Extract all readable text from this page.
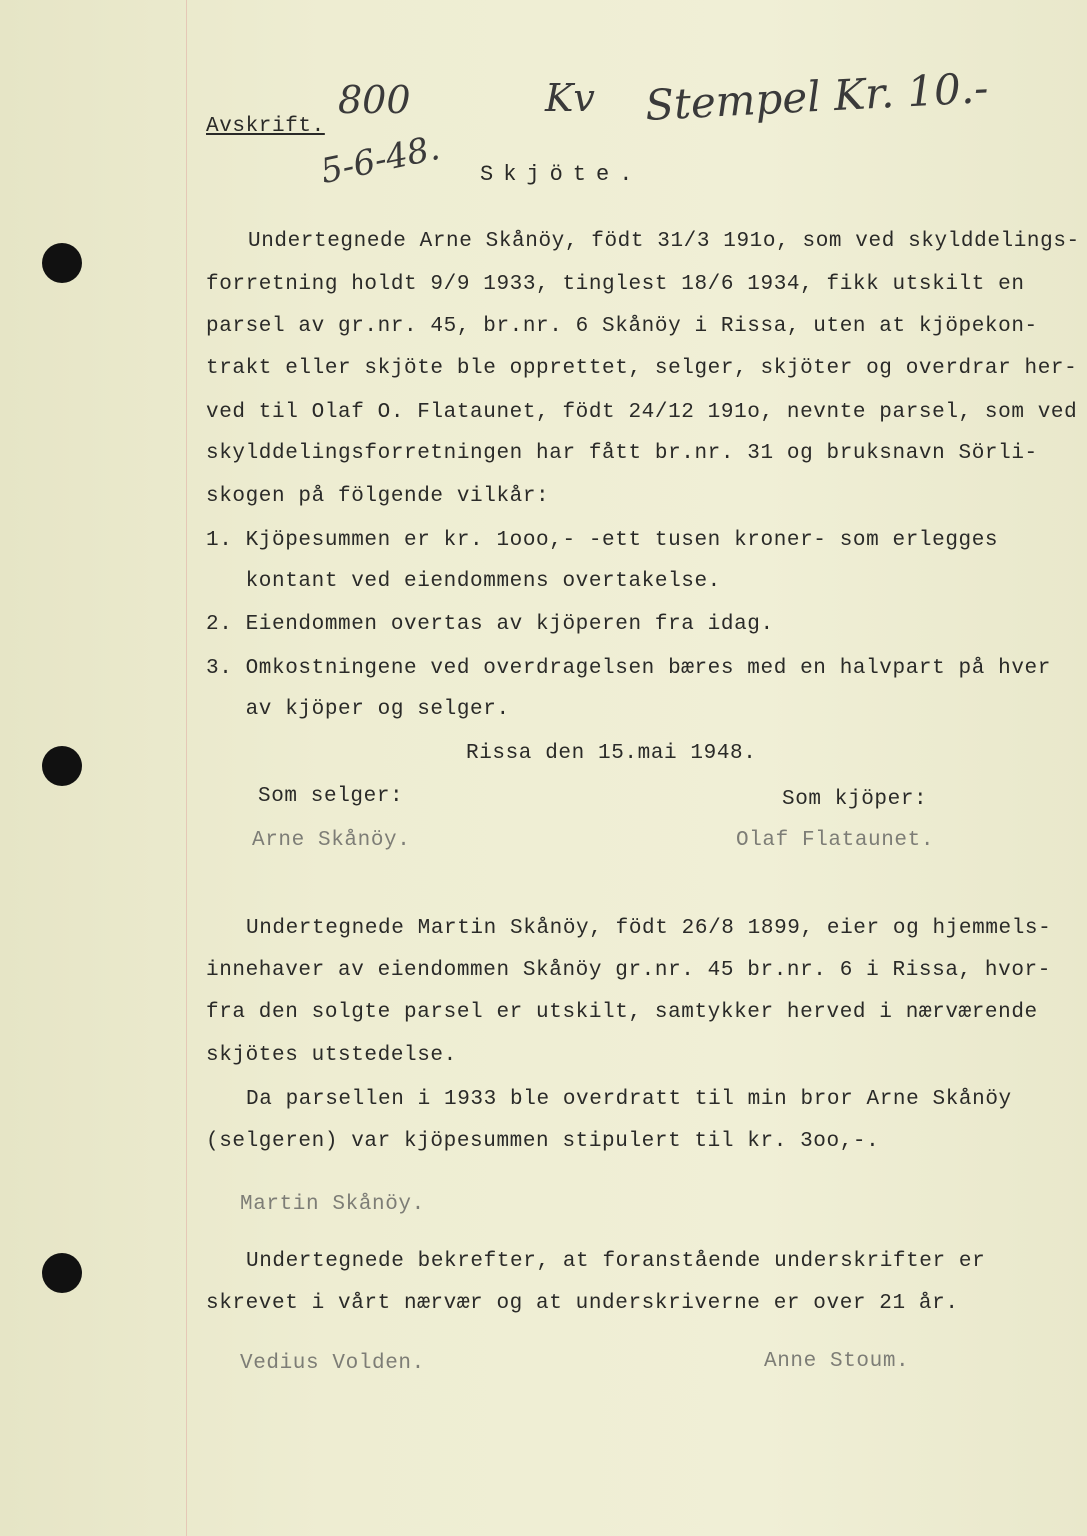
800
5-6-48.
Kv Stempel Kr. 10.-
Avskrift.
Skjöte.
Undertegnede Arne Skånöy, födt 31/3 191o, som ved skylddelings-
forretning holdt 9/9 1933, tinglest 18/6 1934, fikk utskilt en
parsel av gr.nr. 45, br.nr. 6 Skånöy i Rissa, uten at kjöpekon-
trakt eller skjöte ble opprettet, selger, skjöter og overdrar her-
ved til Olaf O. Flataunet, födt 24/12 191o, nevnte parsel, som ved
skylddelingsforretningen har fått br.nr. 31 og bruksnavn Sörli-
skogen på fölgende vilkår:
1. Kjöpesummen er kr. 1ooo,- -ett tusen kroner- som erlegges
kontant ved eiendommens overtakelse.
2. Eiendommen overtas av kjöperen fra idag.
3. Omkostningene ved overdragelsen bæres med en halvpart på hver
av kjöper og selger.
Rissa den 15.mai 1948.
Som selger:	Som kjöper:
Arne Skånöy.	Olaf Flataunet.
Undertegnede Martin Skånöy, födt 26/8 1899, eier og hjemmels-
innehaver av eiendommen Skånöy gr.nr. 45 br.nr. 6 i Rissa, hvor-
fra den solgte parsel er utskilt, samtykker herved i nærværende
skjötes utstedelse.
Da parsellen i 1933 ble overdratt til min bror Arne Skånöy
(selgeren) var kjöpesummen stipulert til kr. 3oo,-.
Martin Skånöy.
Undertegnede bekrefter, at foranstående underskrifter er
skrevet i vårt nærvær og at underskriverne er over 21 år.
Vedius Volden.	Anne Stoum.
